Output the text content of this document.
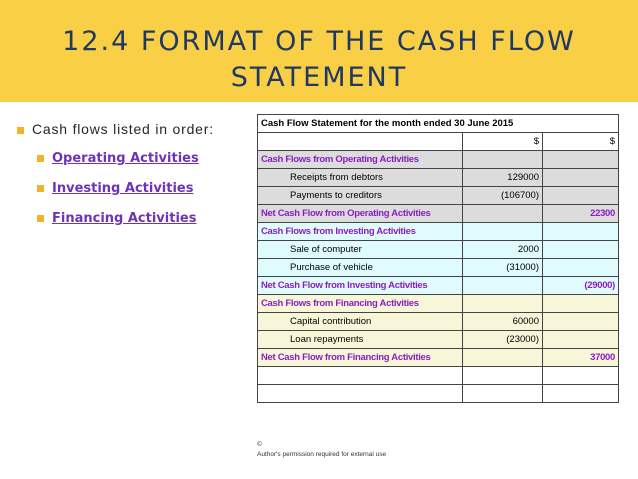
12.4 FORMAT OF THE CASH FLOW
STATEMENT
Cash flows listed in order:
Operating Activities
Investing Activities
Financing Activities
Cash Flow Statement for the month ended 30 June 2015		
	$	$
Cash Flows from Operating Activities		
Receipts from debtors	129000	
Payments to creditors	(106700)	
Net Cash Flow from Operating Activities		22300
Cash Flows from Investing Activities		
Sale of computer	2000	
Purchase of vehicle	(31000)	
Net Cash Flow from Investing Activities		(29000)
Cash Flows from Financing Activities		
Capital contribution	60000	
Loan repayments	(23000)	
Net Cash Flow from Financing Activities		37000

©
Author's permission required for external use
